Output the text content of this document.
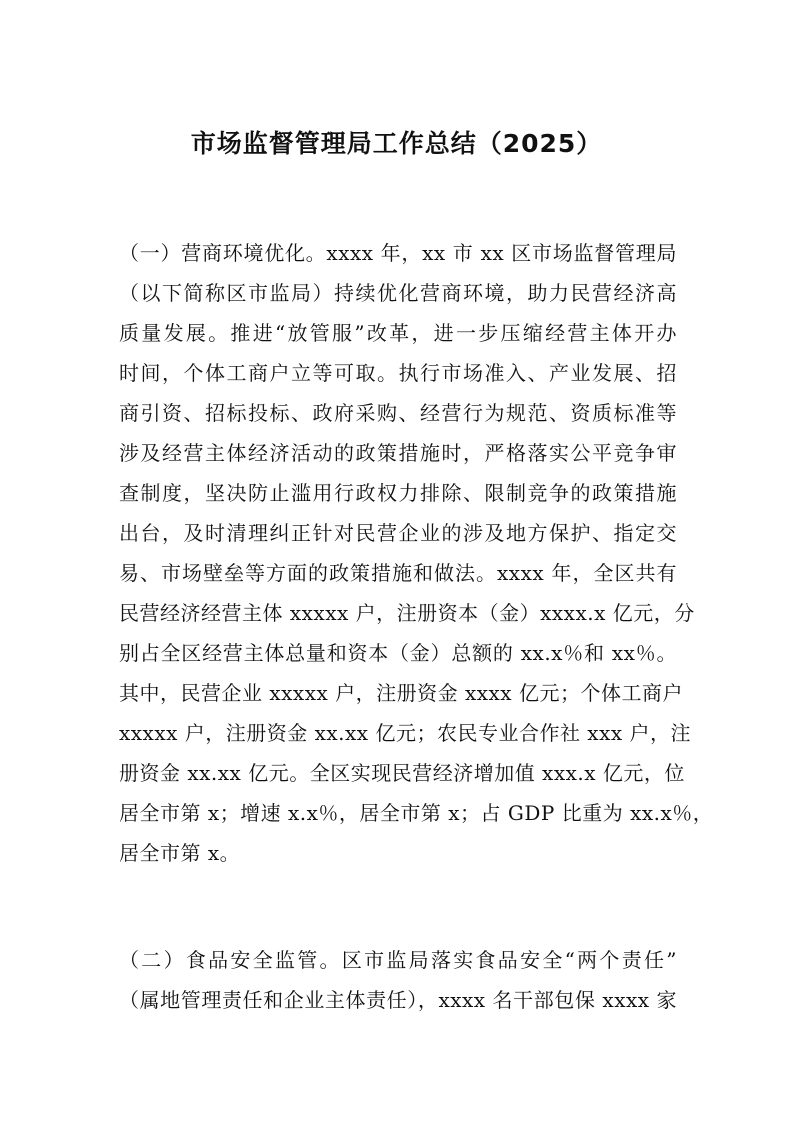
市场监督管理局工作总结（2025）
（一）营商环境优化。xxxx 年，xx 市 xx 区市场监督管理局
（以下简称区市监局）持续优化营商环境，助力民营经济高
质量发展。推进“放管服”改革，进一步压缩经营主体开办
时间，个体工商户立等可取。执行市场准入、产业发展、招
商引资、招标投标、政府采购、经营行为规范、资质标准等
涉及经营主体经济活动的政策措施时，严格落实公平竞争审
查制度，坚决防止滥用行政权力排除、限制竞争的政策措施
出台，及时清理纠正针对民营企业的涉及地方保护、指定交
易、市场壁垒等方面的政策措施和做法。xxxx 年，全区共有
民营经济经营主体 xxxxx 户，注册资本（金）xxxx.x 亿元，分
别占全区经营主体总量和资本（金）总额的 xx.x％和 xx％。
其中，民营企业 xxxxx 户，注册资金 xxxx 亿元；个体工商户
xxxxx 户，注册资金 xx.xx 亿元；农民专业合作社 xxx 户，注
册资金 xx.xx 亿元。全区实现民营经济增加值 xxx.x 亿元，位
居全市第 x；增速 x.x％，居全市第 x；占 GDP 比重为 xx.x％，
居全市第 x。
（二）食品安全监管。区市监局落实食品安全“两个责任”
（属地管理责任和企业主体责任），xxxx 名干部包保 xxxx 家
